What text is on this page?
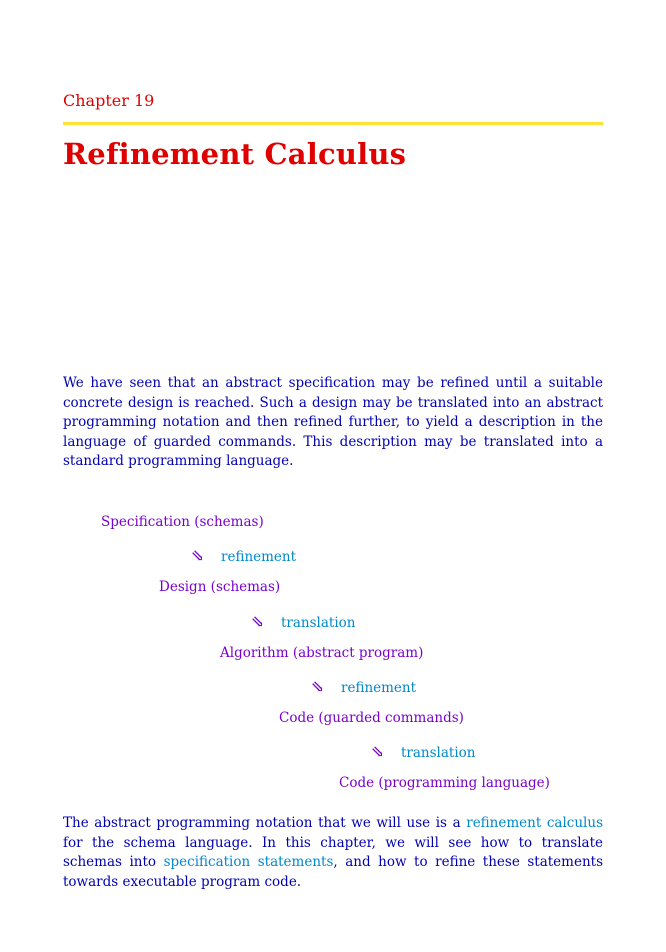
Chapter 19
Refinement Calculus
We have seen that an abstract specification may be refined until a suitable concrete design is reached. Such a design may be translated into an abstract programming notation and then refined further, to yield a description in the language of guarded commands. This description may be translated into a standard programming language.
Specification (schemas)
⇘ refinement
Design (schemas)
⇘ translation
Algorithm (abstract program)
⇘ refinement
Code (guarded commands)
⇘ translation
Code (programming language)
The abstract programming notation that we will use is a refinement calculus for the schema language. In this chapter, we will see how to translate schemas into specification statements, and how to refine these statements towards executable program code.
